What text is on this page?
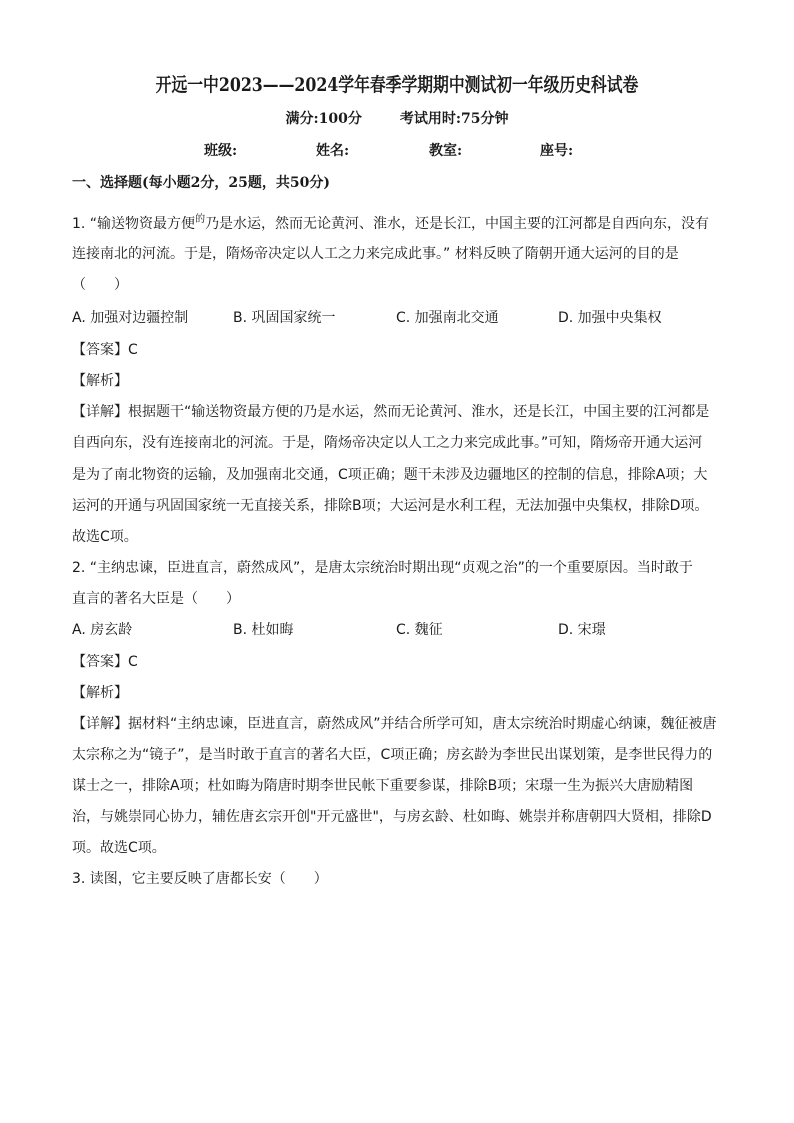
开远一中2023——2024学年春季学期期中测试初一年级历史科试卷
满分:100分	考试用时:75分钟
班级:	姓名:	教室:	座号:
一、选择题(每小题2分，25题，共50分)
1. “输送物资最方便$^的$乃是水运，然而无论黄河、淮水，还是长江，中国主要的江河都是自西向东，没有
连接南北的河流。于是，隋炀帝决定以人工之力来完成此事。” 材料反映了隋朝开通大运河的目的是
（　　）
A. 加强对边疆控制	B. 巩固国家统一	C. 加强南北交通	D. 加强中央集权
【答案】C
【解析】
【详解】根据题干“输送物资最方便的乃是水运，然而无论黄河、淮水，还是长江，中国主要的江河都是
自西向东，没有连接南北的河流。于是，隋炀帝决定以人工之力来完成此事。”可知，隋炀帝开通大运河
是为了南北物资的运输，及加强南北交通，C项正确；题干未涉及边疆地区的控制的信息，排除A项；大
运河的开通与巩固国家统一无直接关系，排除B项；大运河是水利工程，无法加强中央集权，排除D项。
故选C项。
2. “主纳忠谏，臣进直言，蔚然成风”，是唐太宗统治时期出现“贞观之治”的一个重要原因。当时敢于
直言的著名大臣是（　　）
A. 房玄龄	B. 杜如晦	C. 魏征	D. 宋璟
【答案】C
【解析】
【详解】据材料“主纳忠谏，臣进直言，蔚然成风”并结合所学可知，唐太宗统治时期虚心纳谏，魏征被唐
太宗称之为“镜子”，是当时敢于直言的著名大臣，C项正确；房玄龄为李世民出谋划策，是李世民得力的
谋士之一，排除A项；杜如晦为隋唐时期李世民帐下重要参谋，排除B项；宋璟一生为振兴大唐励精图
治，与姚崇同心协力，辅佐唐玄宗开创"开元盛世"，与房玄龄、杜如晦、姚崇并称唐朝四大贤相，排除D
项。故选C项。
3. 读图，它主要反映了唐都长安（　　）
